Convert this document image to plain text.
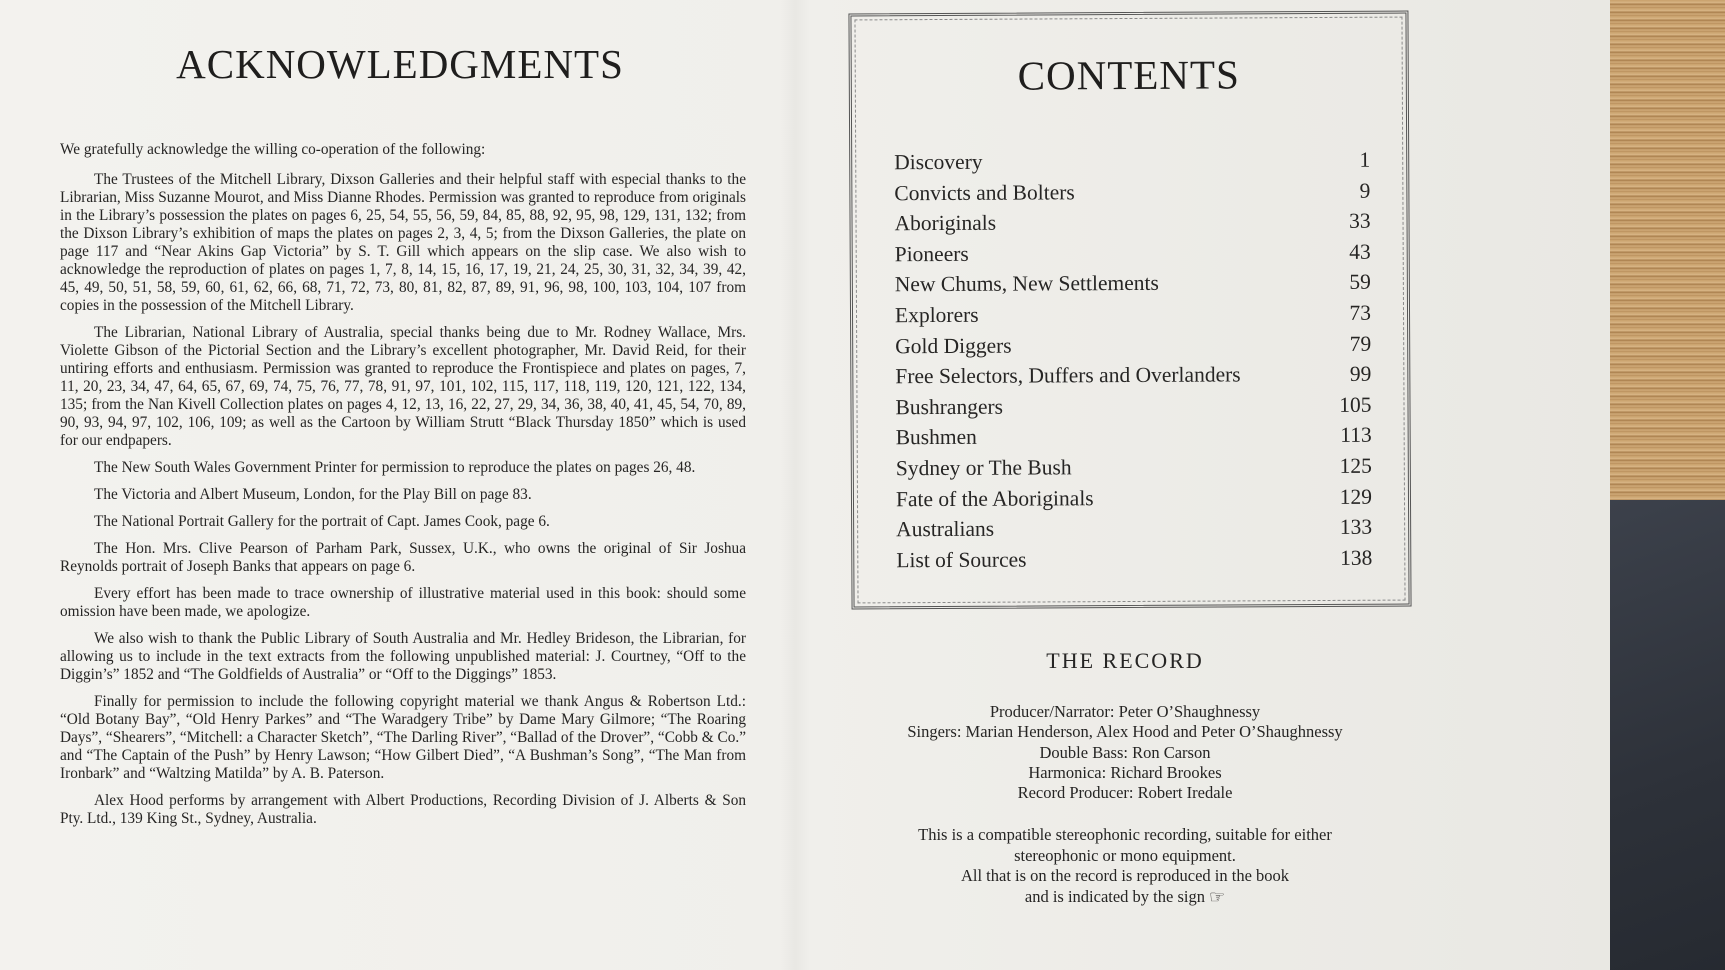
ACKNOWLEDGMENTS

We gratefully acknowledge the willing co-operation of the following:

The Trustees of the Mitchell Library, Dixson Galleries and their helpful staff with especial thanks to the Librarian, Miss Suzanne Mourot, and Miss Dianne Rhodes. Permission was granted to reproduce from originals in the Library’s possession the plates on pages 6, 25, 54, 55, 56, 59, 84, 85, 88, 92, 95, 98, 129, 131, 132; from the Dixson Library’s exhibition of maps the plates on pages 2, 3, 4, 5; from the Dixson Galleries, the plate on page 117 and “Near Akins Gap Victoria” by S. T. Gill which appears on the slip case. We also wish to acknowledge the reproduction of plates on pages 1, 7, 8, 14, 15, 16, 17, 19, 21, 24, 25, 30, 31, 32, 34, 39, 42, 45, 49, 50, 51, 58, 59, 60, 61, 62, 66, 68, 71, 72, 73, 80, 81, 82, 87, 89, 91, 96, 98, 100, 103, 104, 107 from copies in the possession of the Mitchell Library.

The Librarian, National Library of Australia, special thanks being due to Mr. Rodney Wallace, Mrs. Violette Gibson of the Pictorial Section and the Library’s excellent photographer, Mr. David Reid, for their untiring efforts and enthusiasm. Permission was granted to reproduce the Frontispiece and plates on pages, 7, 11, 20, 23, 34, 47, 64, 65, 67, 69, 74, 75, 76, 77, 78, 91, 97, 101, 102, 115, 117, 118, 119, 120, 121, 122, 134, 135; from the Nan Kivell Collection plates on pages 4, 12, 13, 16, 22, 27, 29, 34, 36, 38, 40, 41, 45, 54, 70, 89, 90, 93, 94, 97, 102, 106, 109; as well as the Cartoon by William Strutt “Black Thursday 1850” which is used for our endpapers.

The New South Wales Government Printer for permission to reproduce the plates on pages 26, 48.

The Victoria and Albert Museum, London, for the Play Bill on page 83.

The National Portrait Gallery for the portrait of Capt. James Cook, page 6.

The Hon. Mrs. Clive Pearson of Parham Park, Sussex, U.K., who owns the original of Sir Joshua Reynolds portrait of Joseph Banks that appears on page 6.

Every effort has been made to trace ownership of illustrative material used in this book: should some omission have been made, we apologize.

We also wish to thank the Public Library of South Australia and Mr. Hedley Brideson, the Librarian, for allowing us to include in the text extracts from the following unpublished material: J. Courtney, “Off to the Diggin’s” 1852 and “The Goldfields of Australia” or “Off to the Diggings” 1853.

Finally for permission to include the following copyright material we thank Angus & Robertson Ltd.: “Old Botany Bay”, “Old Henry Parkes” and “The Waradgery Tribe” by Dame Mary Gilmore; “The Roaring Days”, “Shearers”, “Mitchell: a Character Sketch”, “The Darling River”, “Ballad of the Drover”, “Cobb & Co.” and “The Captain of the Push” by Henry Lawson; “How Gilbert Died”, “A Bushman’s Song”, “The Man from Ironbark” and “Waltzing Matilda” by A. B. Paterson.

Alex Hood performs by arrangement with Albert Productions, Recording Division of J. Alberts & Son Pty. Ltd., 139 King St., Sydney, Australia.

CONTENTS
Discovery	1
Convicts and Bolters	9
Aboriginals	33
Pioneers	43
New Chums, New Settlements	59
Explorers	73
Gold Diggers	79
Free Selectors, Duffers and Overlanders	99
Bushrangers	105
Bushmen	113
Sydney or The Bush	125
Fate of the Aboriginals	129
Australians	133
List of Sources	138
THE RECORD
Producer/Narrator: Peter O’Shaughnessy
Singers: Marian Henderson, Alex Hood and Peter O’Shaughnessy
Double Bass: Ron Carson
Harmonica: Richard Brookes
Record Producer: Robert Iredale
This is a compatible stereophonic recording, suitable for either
stereophonic or mono equipment.
All that is on the record is reproduced in the book
and is indicated by the sign ☞
